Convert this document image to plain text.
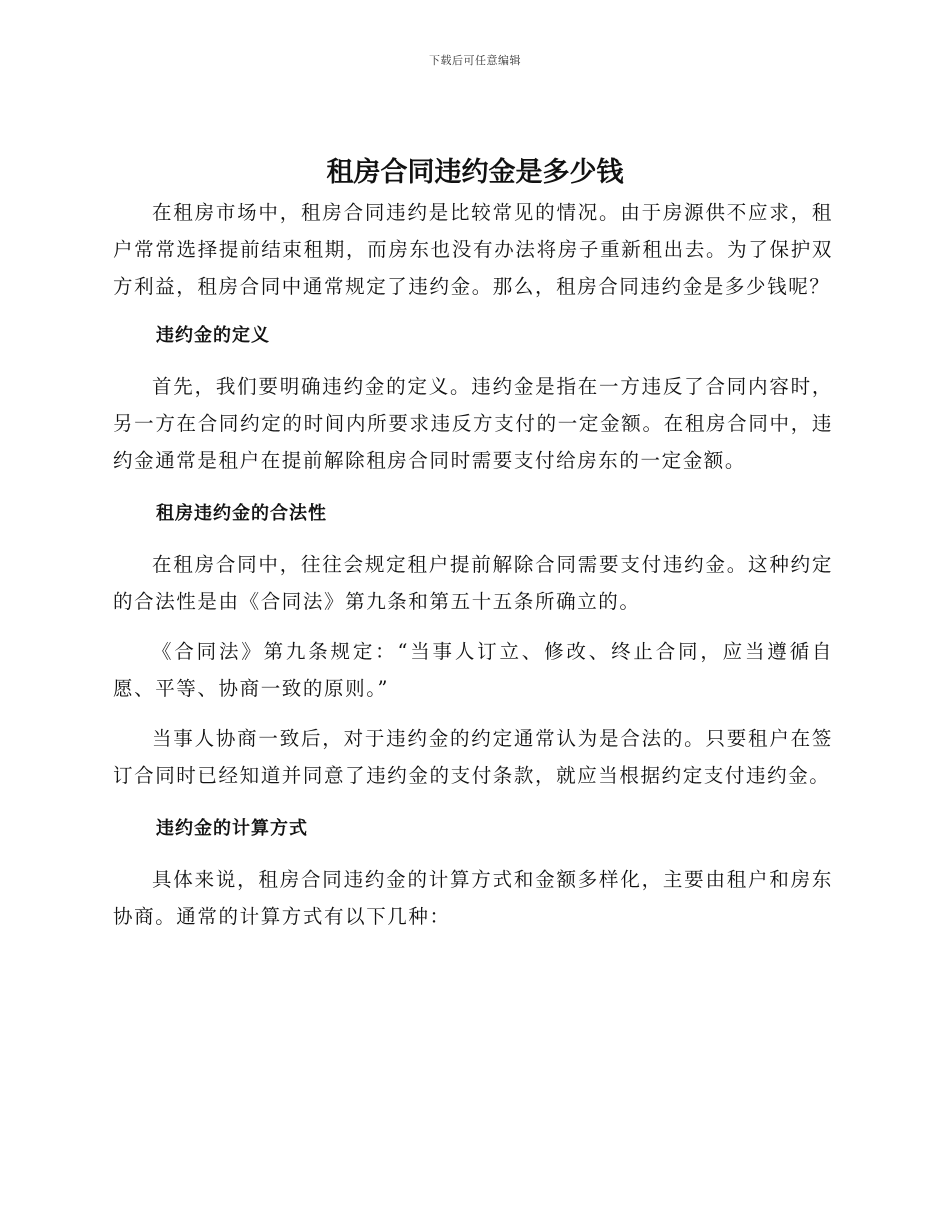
下载后可任意编辑
租房合同违约金是多少钱

在租房市场中，租房合同违约是比较常见的情况。由于房源供不应求，租户常常选择提前结束租期，而房东也没有办法将房子重新租出去。为了保护双方利益，租房合同中通常规定了违约金。那么，租房合同违约金是多少钱呢？

违约金的定义

首先，我们要明确违约金的定义。违约金是指在一方违反了合同内容时，另一方在合同约定的时间内所要求违反方支付的一定金额。在租房合同中，违约金通常是租户在提前解除租房合同时需要支付给房东的一定金额。

租房违约金的合法性

在租房合同中，往往会规定租户提前解除合同需要支付违约金。这种约定的合法性是由《合同法》第九条和第五十五条所确立的。

《合同法》第九条规定：“当事人订立、修改、终止合同，应当遵循自愿、平等、协商一致的原则。”

当事人协商一致后，对于违约金的约定通常认为是合法的。只要租户在签订合同时已经知道并同意了违约金的支付条款，就应当根据约定支付违约金。

违约金的计算方式

具体来说，租房合同违约金的计算方式和金额多样化，主要由租户和房东协商。通常的计算方式有以下几种：
